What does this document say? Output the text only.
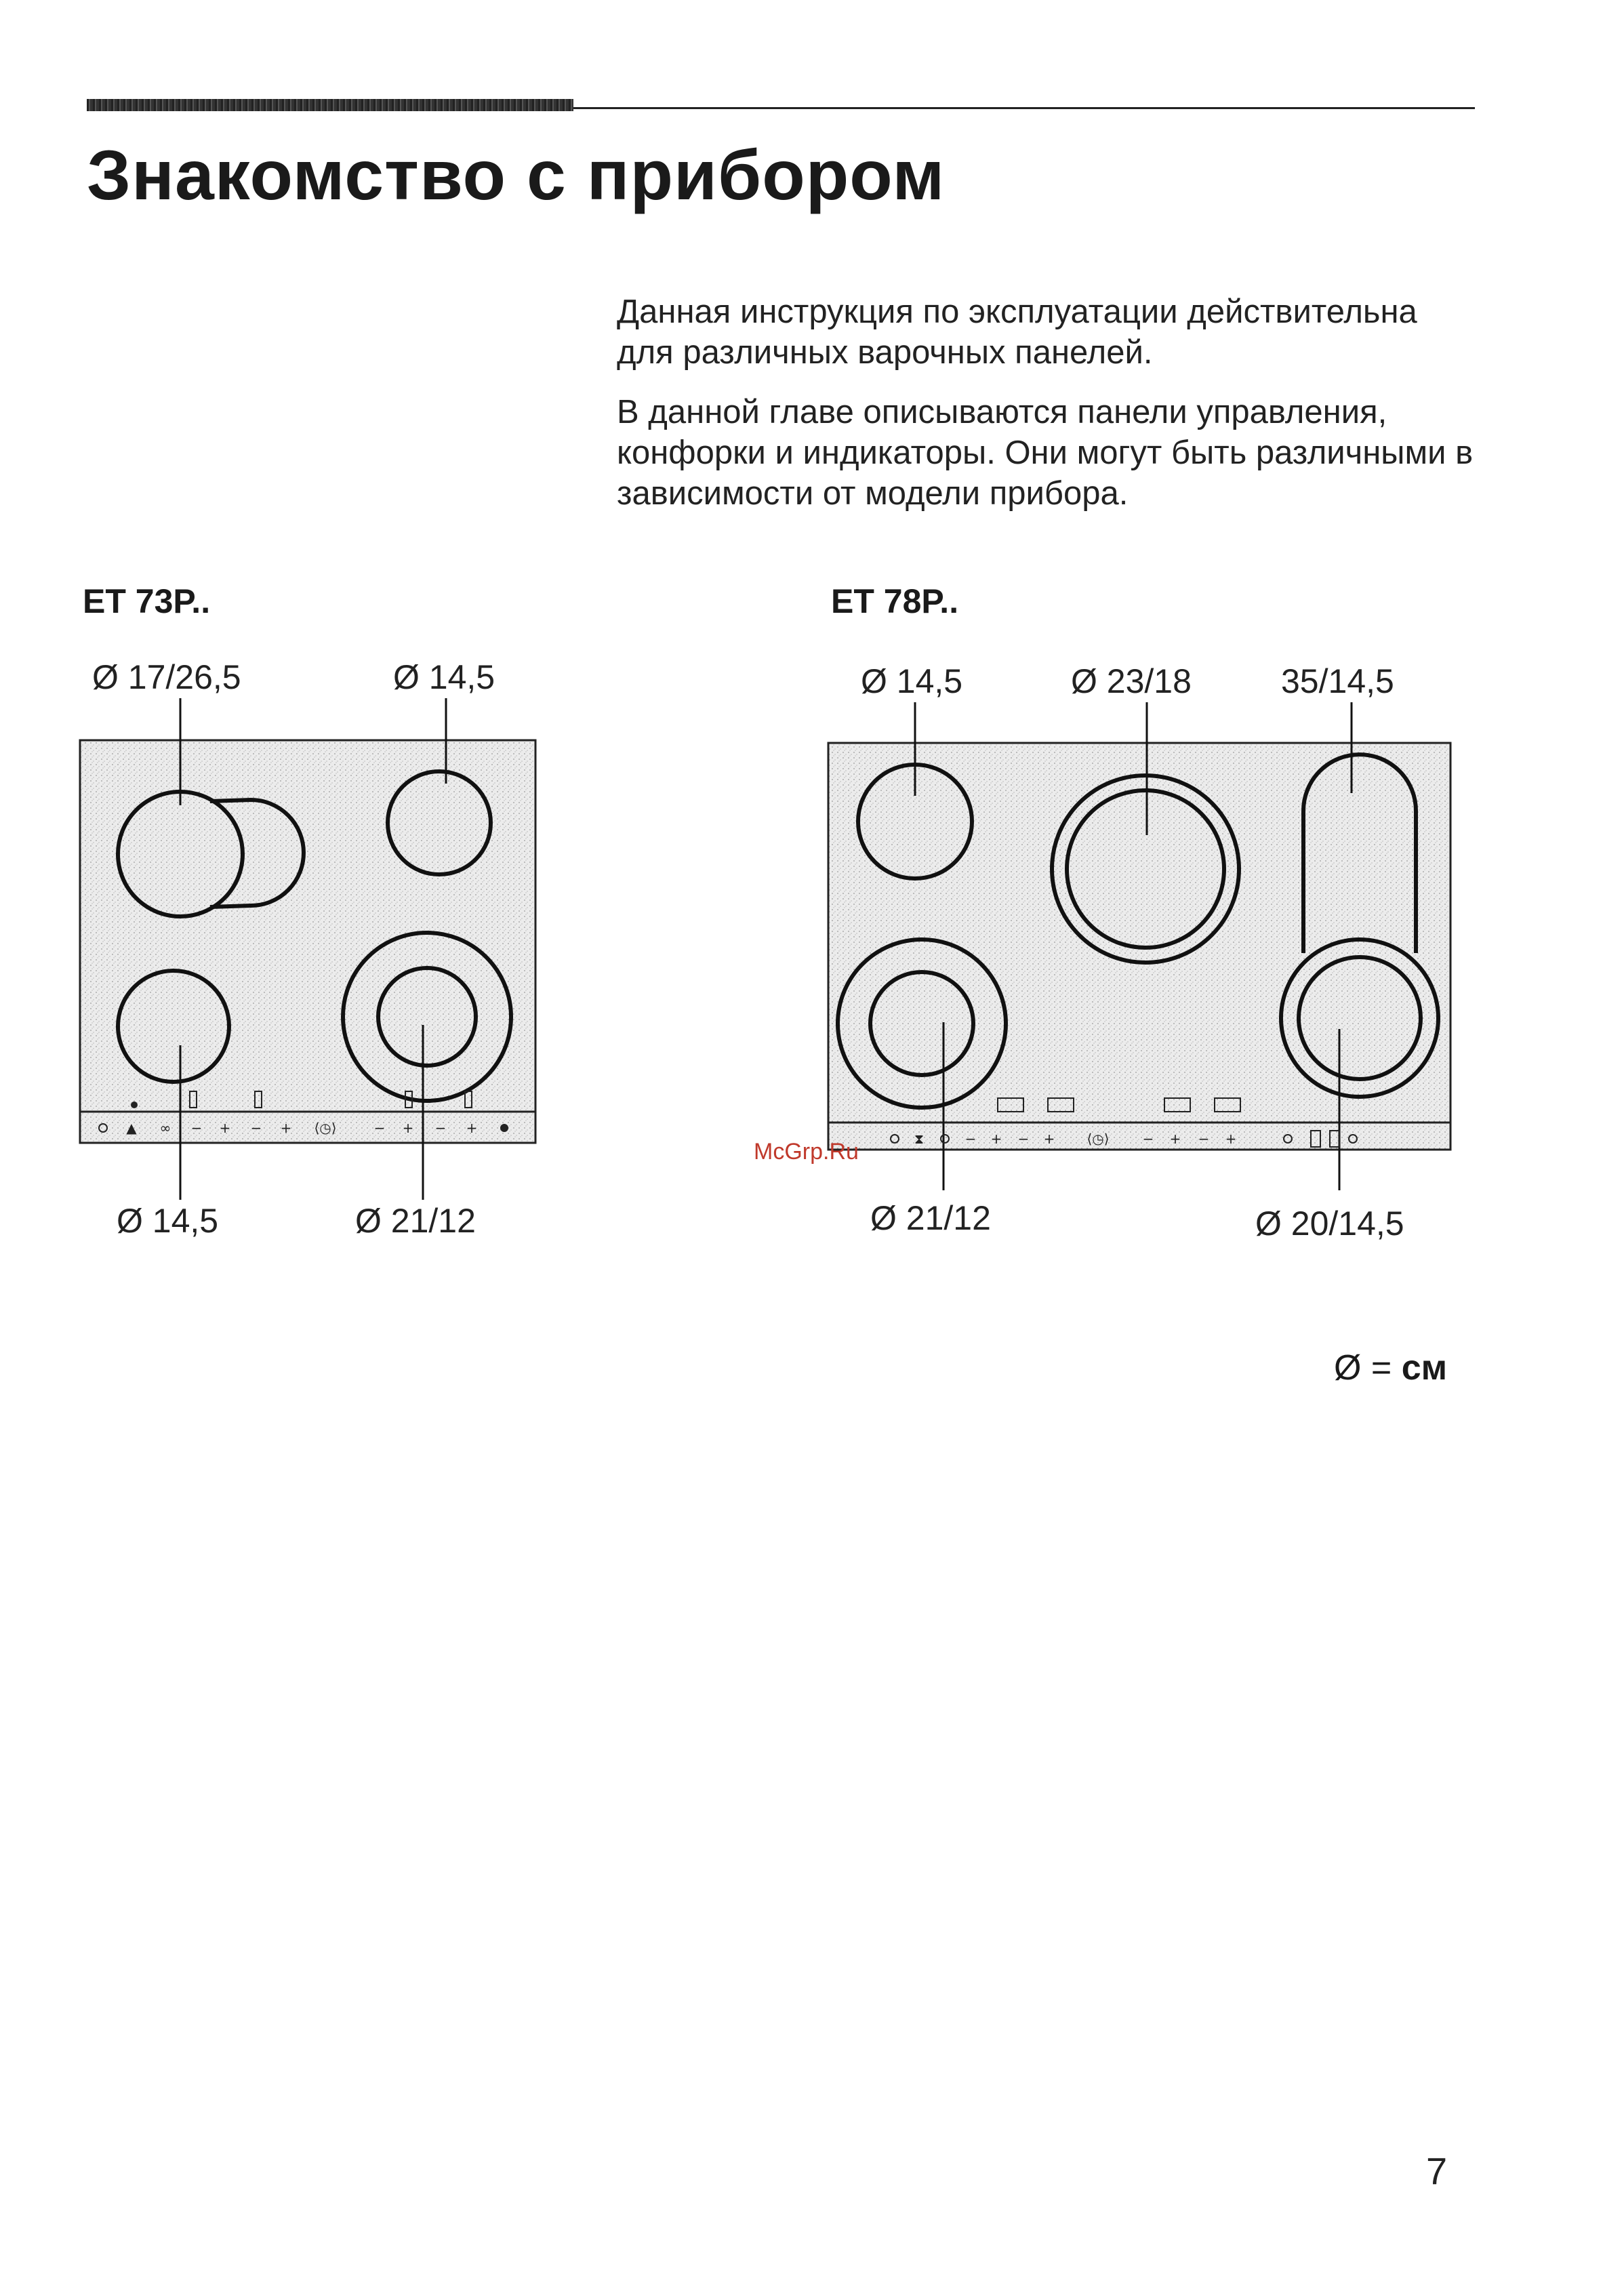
Знакомство с прибором

Данная инструкция по эксплуатации действительна для различных варочных панелей.

В данной главе описываются панели управления, конфорки и индикаторы. Они могут быть различными в зависимости от модели прибора.

ET 73P..
Ø 17/26,5	Ø 14,5
Ø 14,5	Ø 21/12
▲ ∞ − + − + ⟨◷⟩	− + − +
ET 78P..
Ø 14,5	Ø 23/18	35/14,5
Ø 21/12	Ø 20/14,5
⧗	− + − + ⟨◷⟩ − + − +
McGrp.Ru
Ø = см
7
